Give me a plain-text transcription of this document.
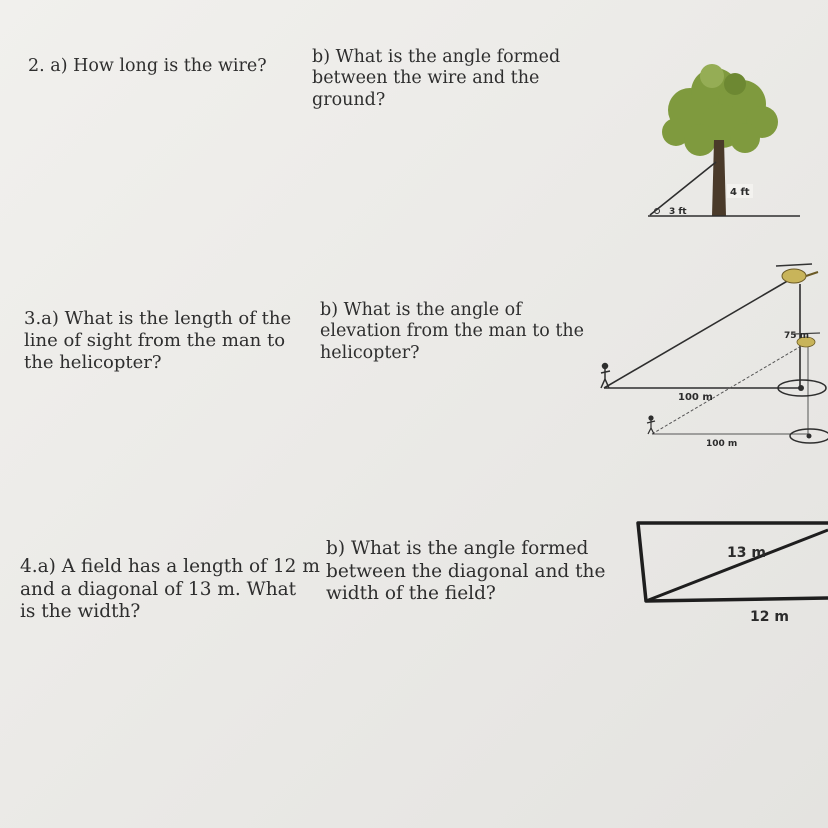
2. a) How long is the wire?	b) What is the angle formed
between the wire and the
ground?

3.a) What is the length of the
line of sight from the man to
the helicopter?

b) What is the angle of
elevation from the man to the
helicopter?

4.a) A field has a length of 12 m
and a diagonal of 13 m. What
is the width?

b) What is the angle formed
between the diagonal and the
width of the field?

4 ft
3 ft
100 m
100 m
75 m
13 m
12 m
